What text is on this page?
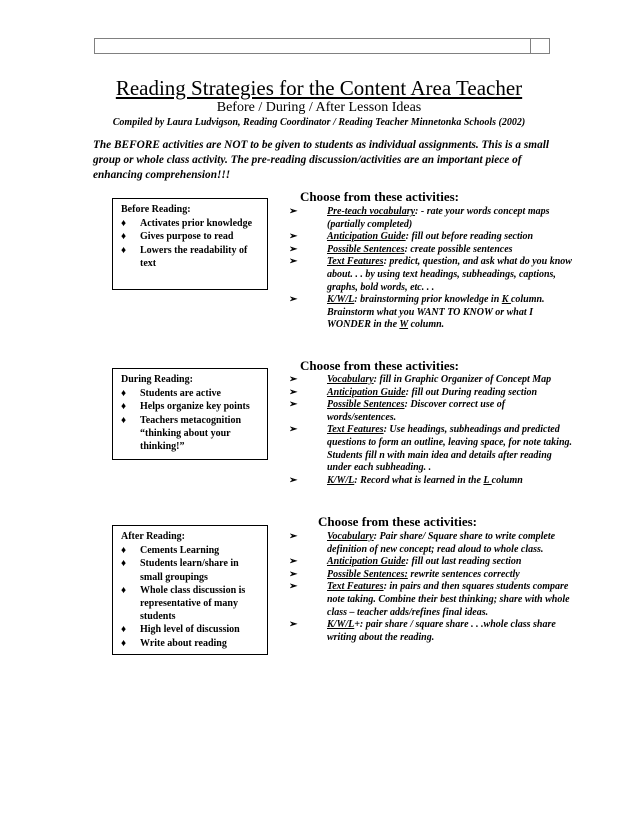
Reading Strategies for the Content Area Teacher
Before / During / After Lesson Ideas
Compiled by Laura Ludvigson, Reading Coordinator / Reading Teacher Minnetonka Schools (2002)
The BEFORE activities are NOT to be given to students as individual assignments. This is a small group or whole class activity. The pre-reading discussion/activities are an important piece of enhancing comprehension!!!
Before Reading:
♦ Activates prior knowledge
♦ Gives purpose to read
♦ Lowers the readability of text
Choose from these activities:
➢	Pre-teach vocabulary: - rate your words concept maps (partially completed)
➢	Anticipation Guide: fill out before reading section
➢	Possible Sentences: create possible sentences
➢	Text Features: predict, question, and ask what do you know about. . . by using text headings, subheadings, captions, graphs, bold words, etc. . .
➢	K/W/L: brainstorming prior knowledge in K column. Brainstorm what you WANT TO KNOW or what I WONDER in the W column.
During Reading:
♦ Students are active
♦ Helps organize key points
♦ Teachers metacognition “thinking about your thinking!”
Choose from these activities:
➢	Vocabulary: fill in Graphic Organizer of Concept Map
➢	Anticipation Guide: fill out During reading section
➢	Possible Sentences: Discover correct use of words/sentences.
➢	Text Features: Use headings, subheadings and predicted questions to form an outline, leaving space, for note taking. Students fill n with main idea and details after reading under each subheading. .
➢	K/W/L: Record what is learned in the L column
After Reading:
♦ Cements Learning
♦ Students learn/share in small groupings
♦ Whole class discussion is representative of many students
♦ High level of discussion
♦ Write about reading
Choose from these activities:
➢	Vocabulary: Pair share/ Square share to write complete definition of new concept; read aloud to whole class.
➢	Anticipation Guide: fill out last reading section
➢	Possible Sentences: rewrite sentences correctly
➢	Text Features: in pairs and then squares students compare note taking. Combine their best thinking; share with whole class – teacher adds/refines final ideas.
➢	K/W/L+: pair share / square share . . .whole class share writing about the reading.
